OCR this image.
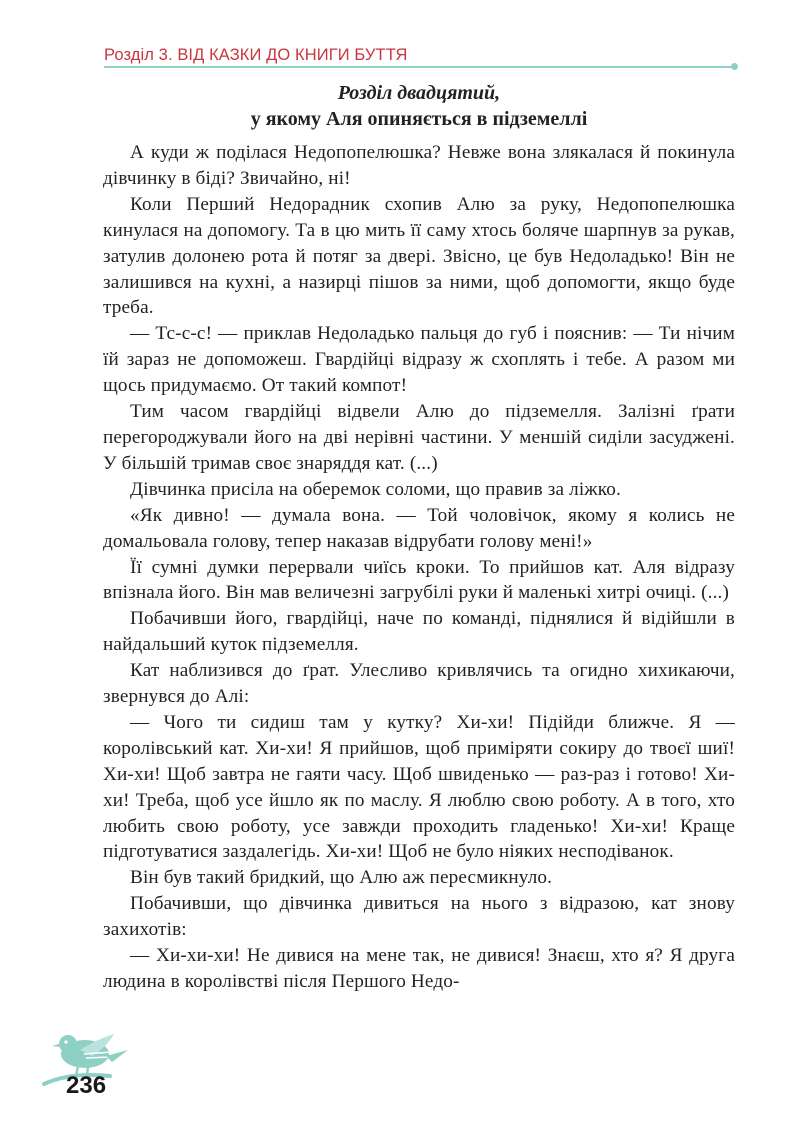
Розділ 3. ВІД КАЗКИ ДО КНИГИ БУТТЯ
Розділ двадцятий,
у якому Аля опиняється в підземеллі

А куди ж поділася Недопопелюшка? Невже вона злякалася й покинула дівчинку в біді? Звичайно, ні!

Коли Перший Недорадник схопив Алю за руку, Недопопелюшка кинулася на допомогу. Та в цю мить її саму хтось боляче шарпнув за рукав, затулив долонею рота й потяг за двері. Звісно, це був Недоладько! Він не залишився на кухні, а назирці пішов за ними, щоб допомогти, якщо буде треба.

— Тс-с-с! — приклав Недоладько пальця до губ і пояснив: — Ти нічим їй зараз не допоможеш. Гвардійці відразу ж схоплять і тебе. А разом ми щось придумаємо. От такий компот!

Тим часом гвардійці відвели Алю до підземелля. Залізні ґрати перегороджували його на дві нерівні частини. У меншій сиділи засуджені. У більшій тримав своє знаряддя кат. (...)

Дівчинка присіла на оберемок соломи, що правив за ліжко.

«Як дивно! — думала вона. — Той чоловічок, якому я колись не домальовала голову, тепер наказав відрубати голову мені!»

Її сумні думки перервали чиїсь кроки. То прийшов кат. Аля відразу впізнала його. Він мав величезні загрубілі руки й маленькі хитрі очиці. (...)

Побачивши його, гвардійці, наче по команді, піднялися й відійшли в найдальший куток підземелля.

Кат наблизився до ґрат. Улесливо кривлячись та огидно хихикаючи, звернувся до Алі:

— Чого ти сидиш там у кутку? Хи-хи! Підійди ближче. Я — королівський кат. Хи-хи! Я прийшов, щоб приміряти сокиру до твоєї шиї! Хи-хи! Щоб завтра не гаяти часу. Щоб швиденько — раз-раз і готово! Хи-хи! Треба, щоб усе йшло як по маслу. Я люблю свою роботу. А в того, хто любить свою роботу, усе завжди проходить гладенько! Хи-хи! Краще підготуватися заздалегідь. Хи-хи! Щоб не було ніяких несподіванок.

Він був такий бридкий, що Алю аж пересмикнуло.

Побачивши, що дівчинка дивиться на нього з відразою, кат знову захихотів:

— Хи-хи-хи! Не дивися на мене так, не дивися! Знаєш, хто я? Я друга людина в королівстві після Першого Недо-

236
